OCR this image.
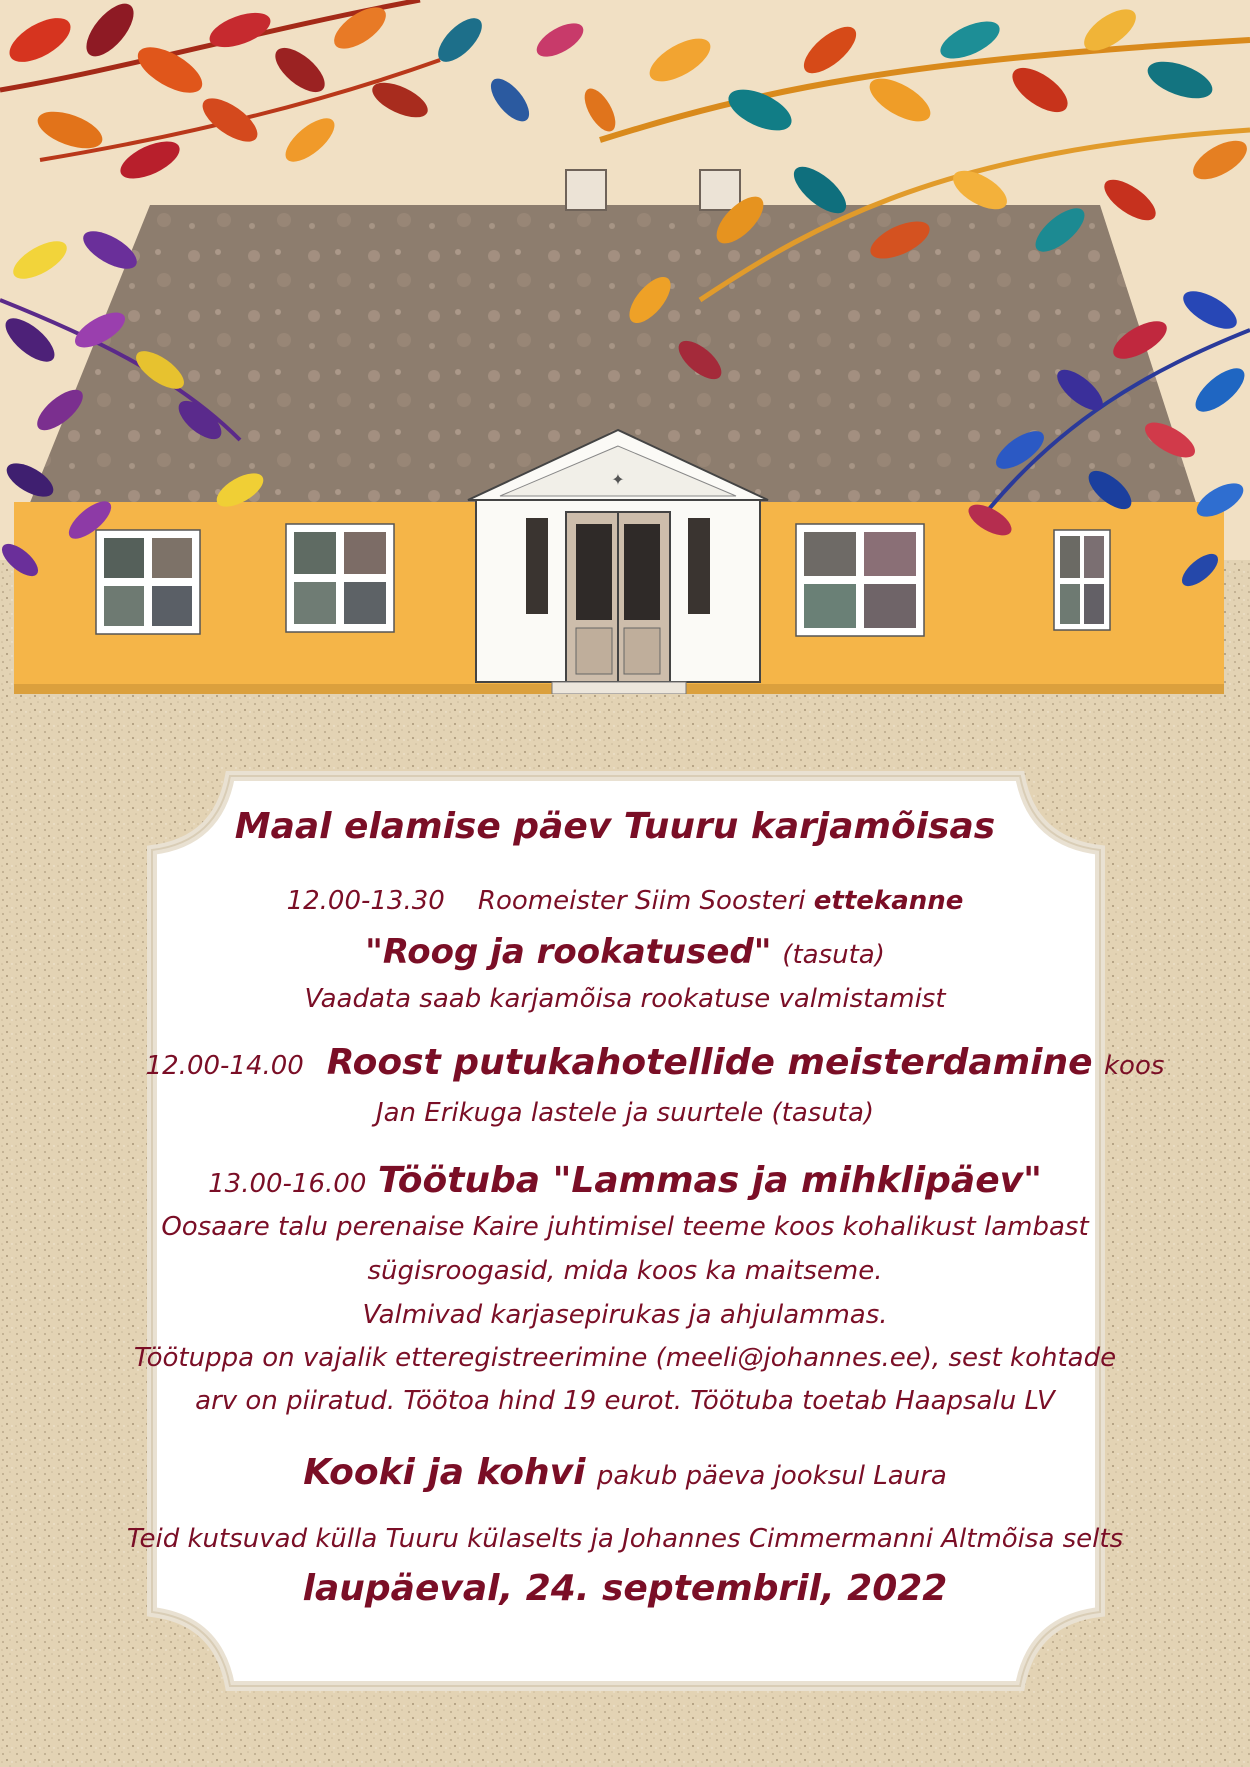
✦
Maal elamise päev Tuuru karjamõisas
12.00-13.30 Roomeister Siim Soosteri ettekanne
"Roog ja rookatused" (tasuta)
Vaadata saab karjamõisa rookatuse valmistamist
12.00-14.00 Roost putukahotellide meisterdamine koos
Jan Erikuga lastele ja suurtele (tasuta)
13.00-16.00 Töötuba "Lammas ja mihklipäev"
Oosaare talu perenaise Kaire juhtimisel teeme koos kohalikust lambast
sügisroogasid, mida koos ka maitseme.
Valmivad karjasepirukas ja ahjulammas.
Töötuppa on vajalik etteregistreerimine (meeli@johannes.ee), sest kohtade
arv on piiratud. Töötoa hind 19 eurot. Töötuba toetab Haapsalu LV
Kooki ja kohvi pakub päeva jooksul Laura
Teid kutsuvad külla Tuuru külaselts ja Johannes Cimmermanni Altmõisa selts
laupäeval, 24. septembril, 2022
